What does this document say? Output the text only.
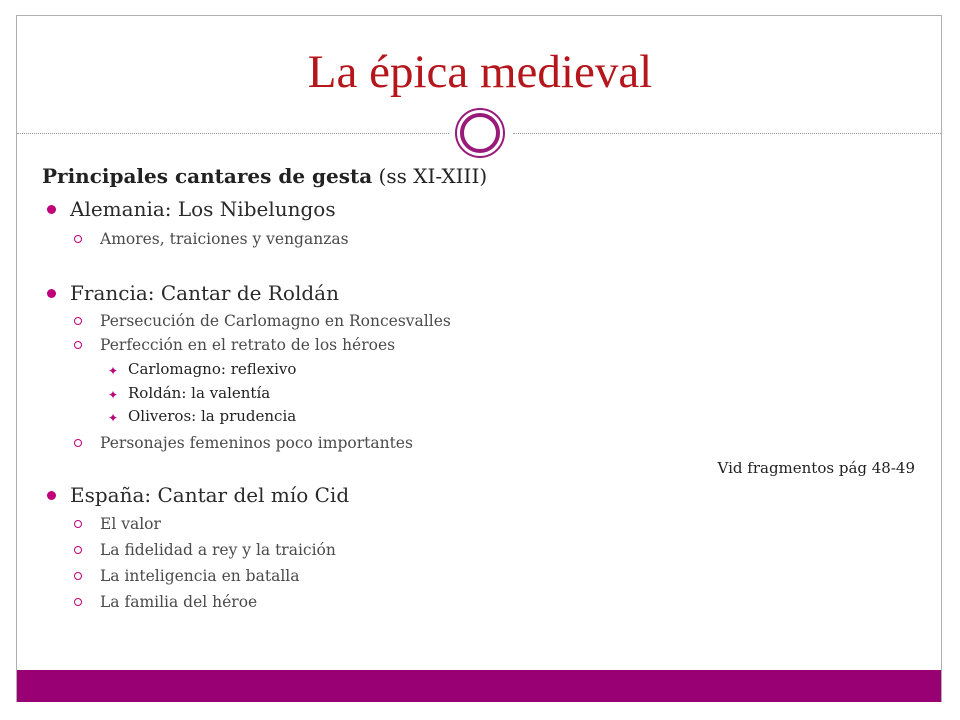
La épica medieval
Principales cantares de gesta (ss XI-XIII)
Alemania: Los Nibelungos
Amores, traiciones y venganzas
Francia: Cantar de Roldán
Persecución de Carlomagno en Roncesvalles
Perfección en el retrato de los héroes
✦ Carlomagno: reflexivo
✦ Roldán: la valentía
✦ Oliveros: la prudencia
Personajes femeninos poco importantes
Vid fragmentos pág 48-49
España: Cantar del mío Cid
El valor
La fidelidad a rey y la traición
La inteligencia en batalla
La familia del héroe
